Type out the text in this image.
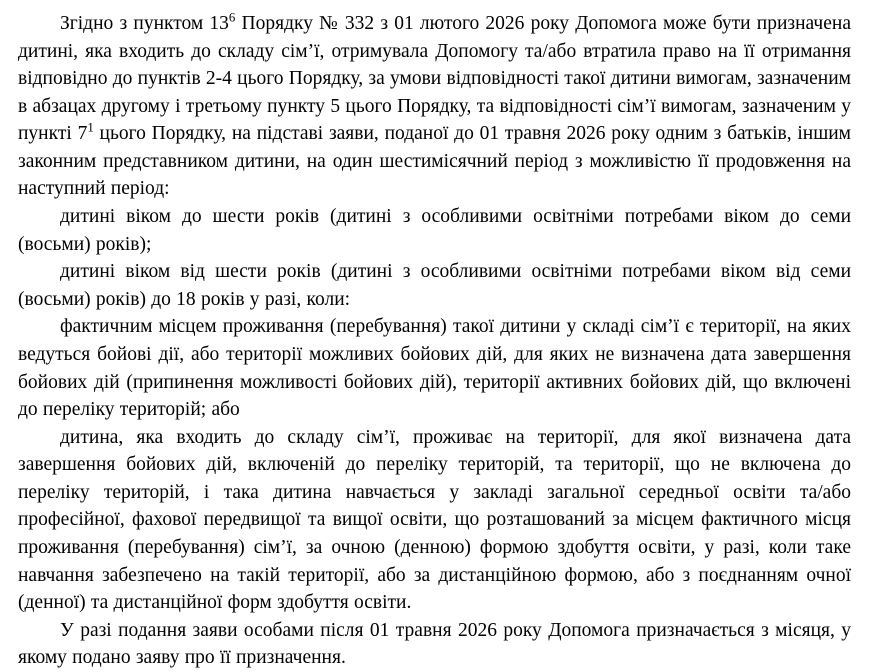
Згідно з пунктом $13^6$ Порядку № 332 з 01 лютого 2026 року Допомога може бути призначена дитині, яка входить до складу сім’ї, отримувала Допомогу та/або втратила право на її отримання відповідно до пунктів 2-4 цього Порядку, за умови відповідності такої дитини вимогам, зазначеним в абзацах другому і третьому пункту 5 цього Порядку, та відповідності сім’ї вимогам, зазначеним у пункті $7^1$ цього Порядку, на підставі заяви, поданої до 01 травня 2026 року одним з батьків, іншим законним представником дитини, на один шестимісячний період з можливістю її продовження на наступний період:

дитині віком до шести років (дитині з особливими освітніми потребами віком до семи (восьми) років);

дитині віком від шести років (дитині з особливими освітніми потребами віком від семи (восьми) років) до 18 років у разі, коли:

фактичним місцем проживання (перебування) такої дитини у складі сім’ї є території, на яких ведуться бойові дії, або території можливих бойових дій, для яких не визначена дата завершення бойових дій (припинення можливості бойових дій), території активних бойових дій, що включені до переліку територій; або

дитина, яка входить до складу сім’ї, проживає на території, для якої визначена дата завершення бойових дій, включеній до переліку територій, та території, що не включена до переліку територій, і така дитина навчається у закладі загальної середньої освіти та/або професійної, фахової передвищої та вищої освіти, що розташований за місцем фактичного місця проживання (перебування) сім’ї, за очною (денною) формою здобуття освіти, у разі, коли таке навчання забезпечено на такій території, або за дистанційною формою, або з поєднанням очної (денної) та дистанційної форм здобуття освіти.

У разі подання заяви особами після 01 травня 2026 року Допомога призначається з місяця, у якому подано заяву про її призначення.
